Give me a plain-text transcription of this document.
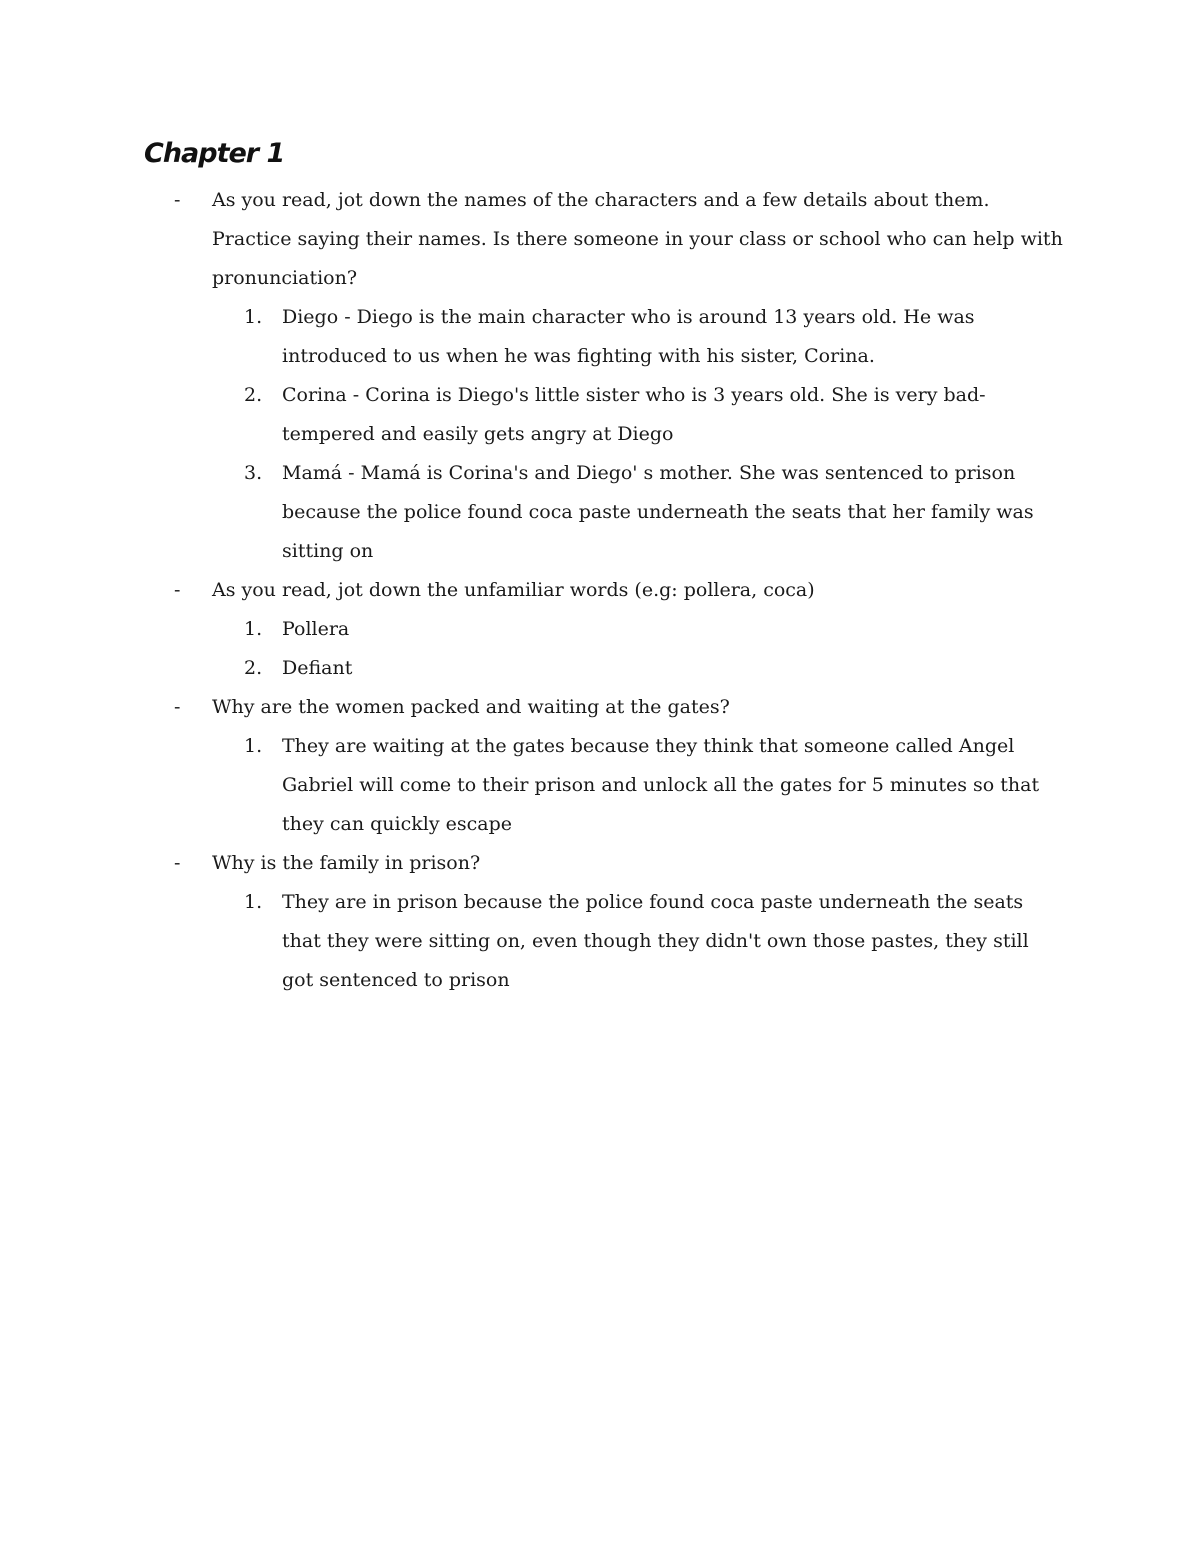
Chapter 1
-	As you read, jot down the names of the characters and a few details about them. Practice saying their names. Is there someone in your class or school who can help with pronunciation?
1.	Diego - Diego is the main character who is around 13 years old. He was introduced to us when he was fighting with his sister, Corina.
2.	Corina - Corina is Diego's little sister who is 3 years old. She is very bad-tempered and easily gets angry at Diego
3.	Mamá - Mamá is Corina's and Diego' s mother. She was sentenced to prison because the police found coca paste underneath the seats that her family was sitting on
-	As you read, jot down the unfamiliar words (e.g: pollera, coca)
1.	Pollera
2.	Defiant
-	Why are the women packed and waiting at the gates?
1.	They are waiting at the gates because they think that someone called Angel Gabriel will come to their prison and unlock all the gates for 5 minutes so that they can quickly escape
-	Why is the family in prison?
1.	They are in prison because the police found coca paste underneath the seats that they were sitting on, even though they didn't own those pastes, they still got sentenced to prison
